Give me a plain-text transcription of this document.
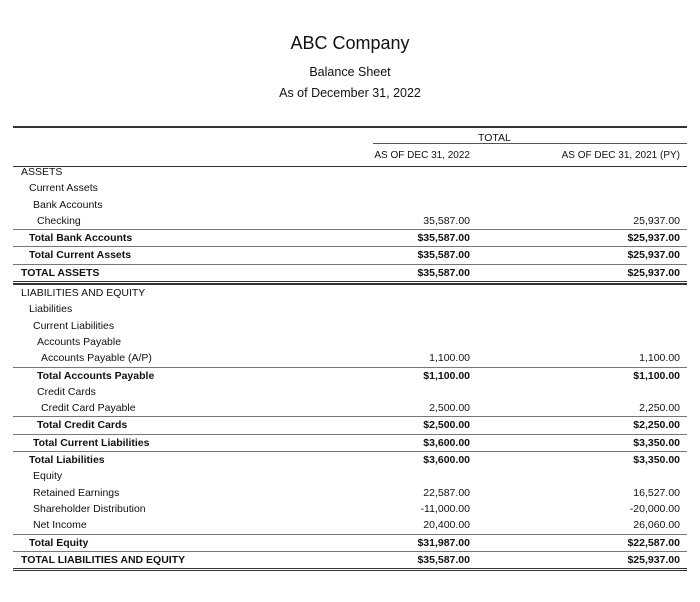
ABC Company
Balance Sheet
As of December 31, 2022
TOTAL
AS OF DEC 31, 2022	AS OF DEC 31, 2021 (PY)
ASSETS
Current Assets
Bank Accounts
Checking	35,587.00	25,937.00
Total Bank Accounts	$35,587.00	$25,937.00
Total Current Assets	$35,587.00	$25,937.00
TOTAL ASSETS	$35,587.00	$25,937.00
LIABILITIES AND EQUITY
Liabilities
Current Liabilities
Accounts Payable
Accounts Payable (A/P)	1,100.00	1,100.00
Total Accounts Payable	$1,100.00	$1,100.00
Credit Cards
Credit Card Payable	2,500.00	2,250.00
Total Credit Cards	$2,500.00	$2,250.00
Total Current Liabilities	$3,600.00	$3,350.00
Total Liabilities	$3,600.00	$3,350.00
Equity
Retained Earnings	22,587.00	16,527.00
Shareholder Distribution	-11,000.00	-20,000.00
Net Income	20,400.00	26,060.00
Total Equity	$31,987.00	$22,587.00
TOTAL LIABILITIES AND EQUITY	$35,587.00	$25,937.00
